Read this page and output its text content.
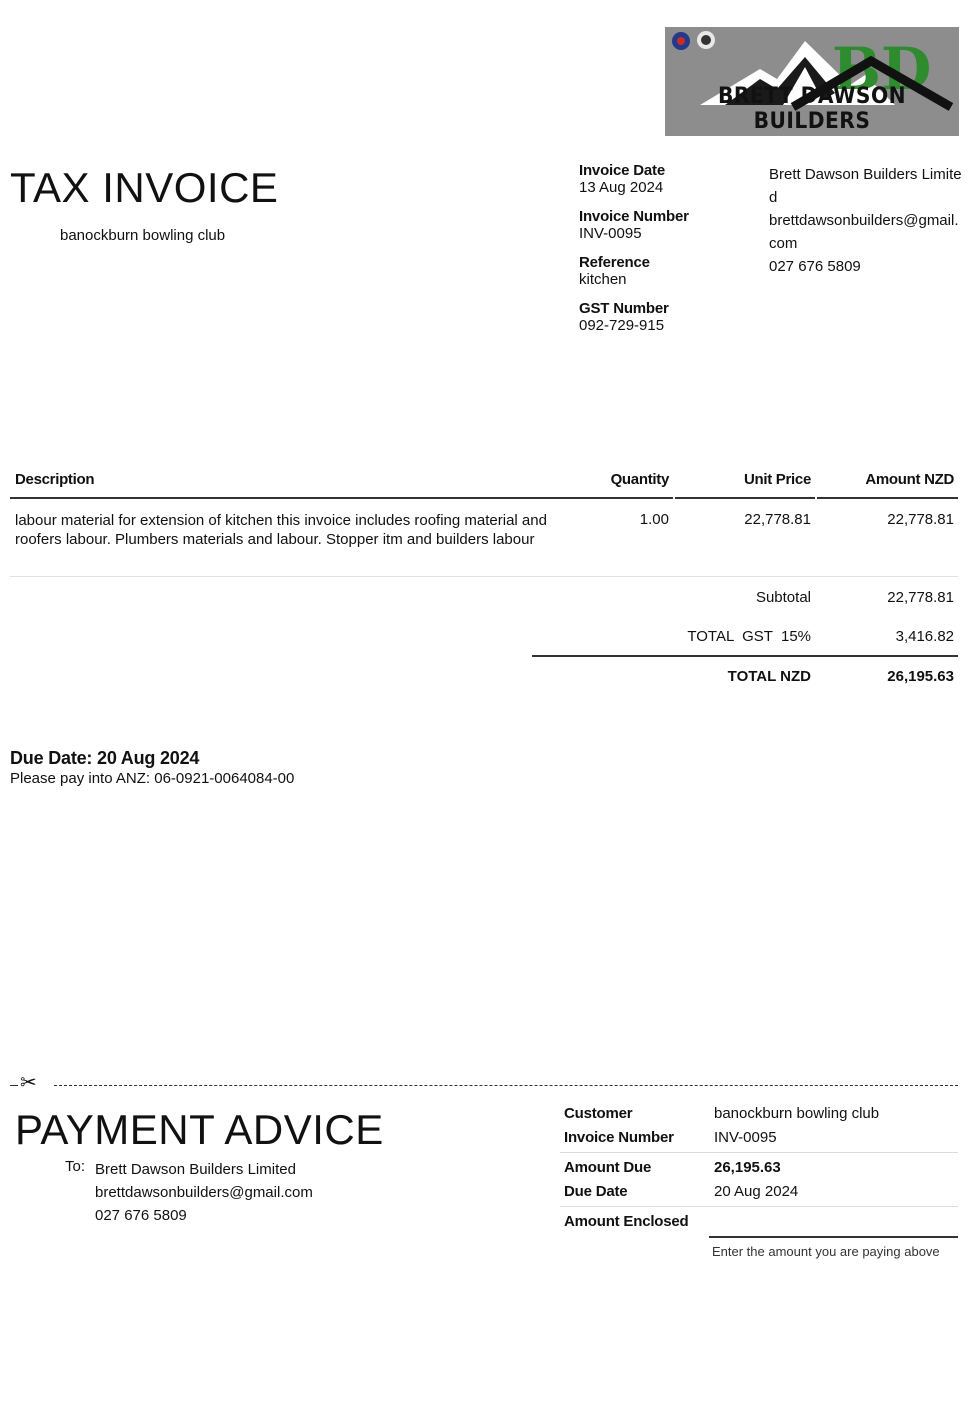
BD
BRETT DAWSON BUILDERS
TAX INVOICE
banockburn bowling club
Invoice Date
13 Aug 2024
Invoice Number
INV-0095
Reference
kitchen
GST Number
092-729-915
Brett Dawson Builders Limited
brettdawsonbuilders@gmail.com
027 676 5809
Description	Quantity	Unit Price	Amount NZD
labour material for extension of kitchen this invoice includes roofing material and roofers labour. Plumbers materials and labour. Stopper itm and builders labour
1.00	22,778.81	22,778.81
Subtotal	22,778.81
TOTAL  GST  15%	3,416.82
TOTAL NZD	26,195.63
Due Date: 20 Aug 2024
Please pay into ANZ: 06-0921-0064084-00
✂
PAYMENT ADVICE
To: Brett Dawson Builders Limited
brettdawsonbuilders@gmail.com
027 676 5809
Customer	banockburn bowling club
Invoice Number	INV-0095
Amount Due	26,195.63
Due Date	20 Aug 2024
Amount Enclosed
Enter the amount you are paying above
